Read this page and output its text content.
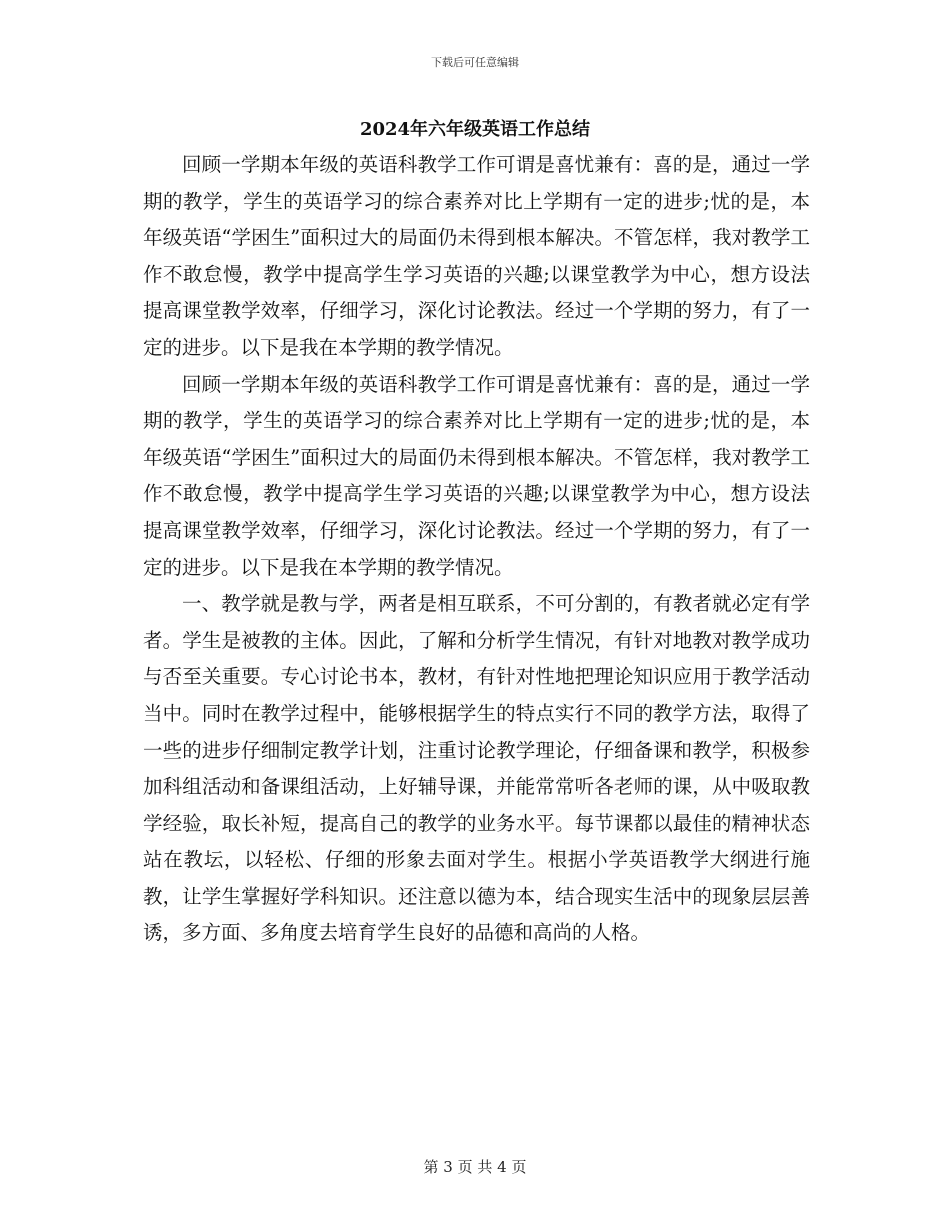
下载后可任意编辑
2024年六年级英语工作总结

回顾一学期本年级的英语科教学工作可谓是喜忧兼有：喜的是，通过一学期的教学，学生的英语学习的综合素养对比上学期有一定的进步;忧的是，本年级英语“学困生”面积过大的局面仍未得到根本解决。不管怎样，我对教学工作不敢怠慢，教学中提高学生学习英语的兴趣;以课堂教学为中心，想方设法提高课堂教学效率，仔细学习，深化讨论教法。经过一个学期的努力，有了一定的进步。以下是我在本学期的教学情况。

回顾一学期本年级的英语科教学工作可谓是喜忧兼有：喜的是，通过一学期的教学，学生的英语学习的综合素养对比上学期有一定的进步;忧的是，本年级英语“学困生”面积过大的局面仍未得到根本解决。不管怎样，我对教学工作不敢怠慢，教学中提高学生学习英语的兴趣;以课堂教学为中心，想方设法提高课堂教学效率，仔细学习，深化讨论教法。经过一个学期的努力，有了一定的进步。以下是我在本学期的教学情况。

一、教学就是教与学，两者是相互联系，不可分割的，有教者就必定有学者。学生是被教的主体。因此，了解和分析学生情况，有针对地教对教学成功与否至关重要。专心讨论书本，教材，有针对性地把理论知识应用于教学活动当中。同时在教学过程中，能够根据学生的特点实行不同的教学方法，取得了一些的进步仔细制定教学计划，注重讨论教学理论，仔细备课和教学，积极参加科组活动和备课组活动，上好辅导课，并能常常听各老师的课，从中吸取教学经验，取长补短，提高自己的教学的业务水平。每节课都以最佳的精神状态站在教坛，以轻松、仔细的形象去面对学生。根据小学英语教学大纲进行施教，让学生掌握好学科知识。还注意以德为本，结合现实生活中的现象层层善诱，多方面、多角度去培育学生良好的品德和高尚的人格。

第 3 页 共 4 页
